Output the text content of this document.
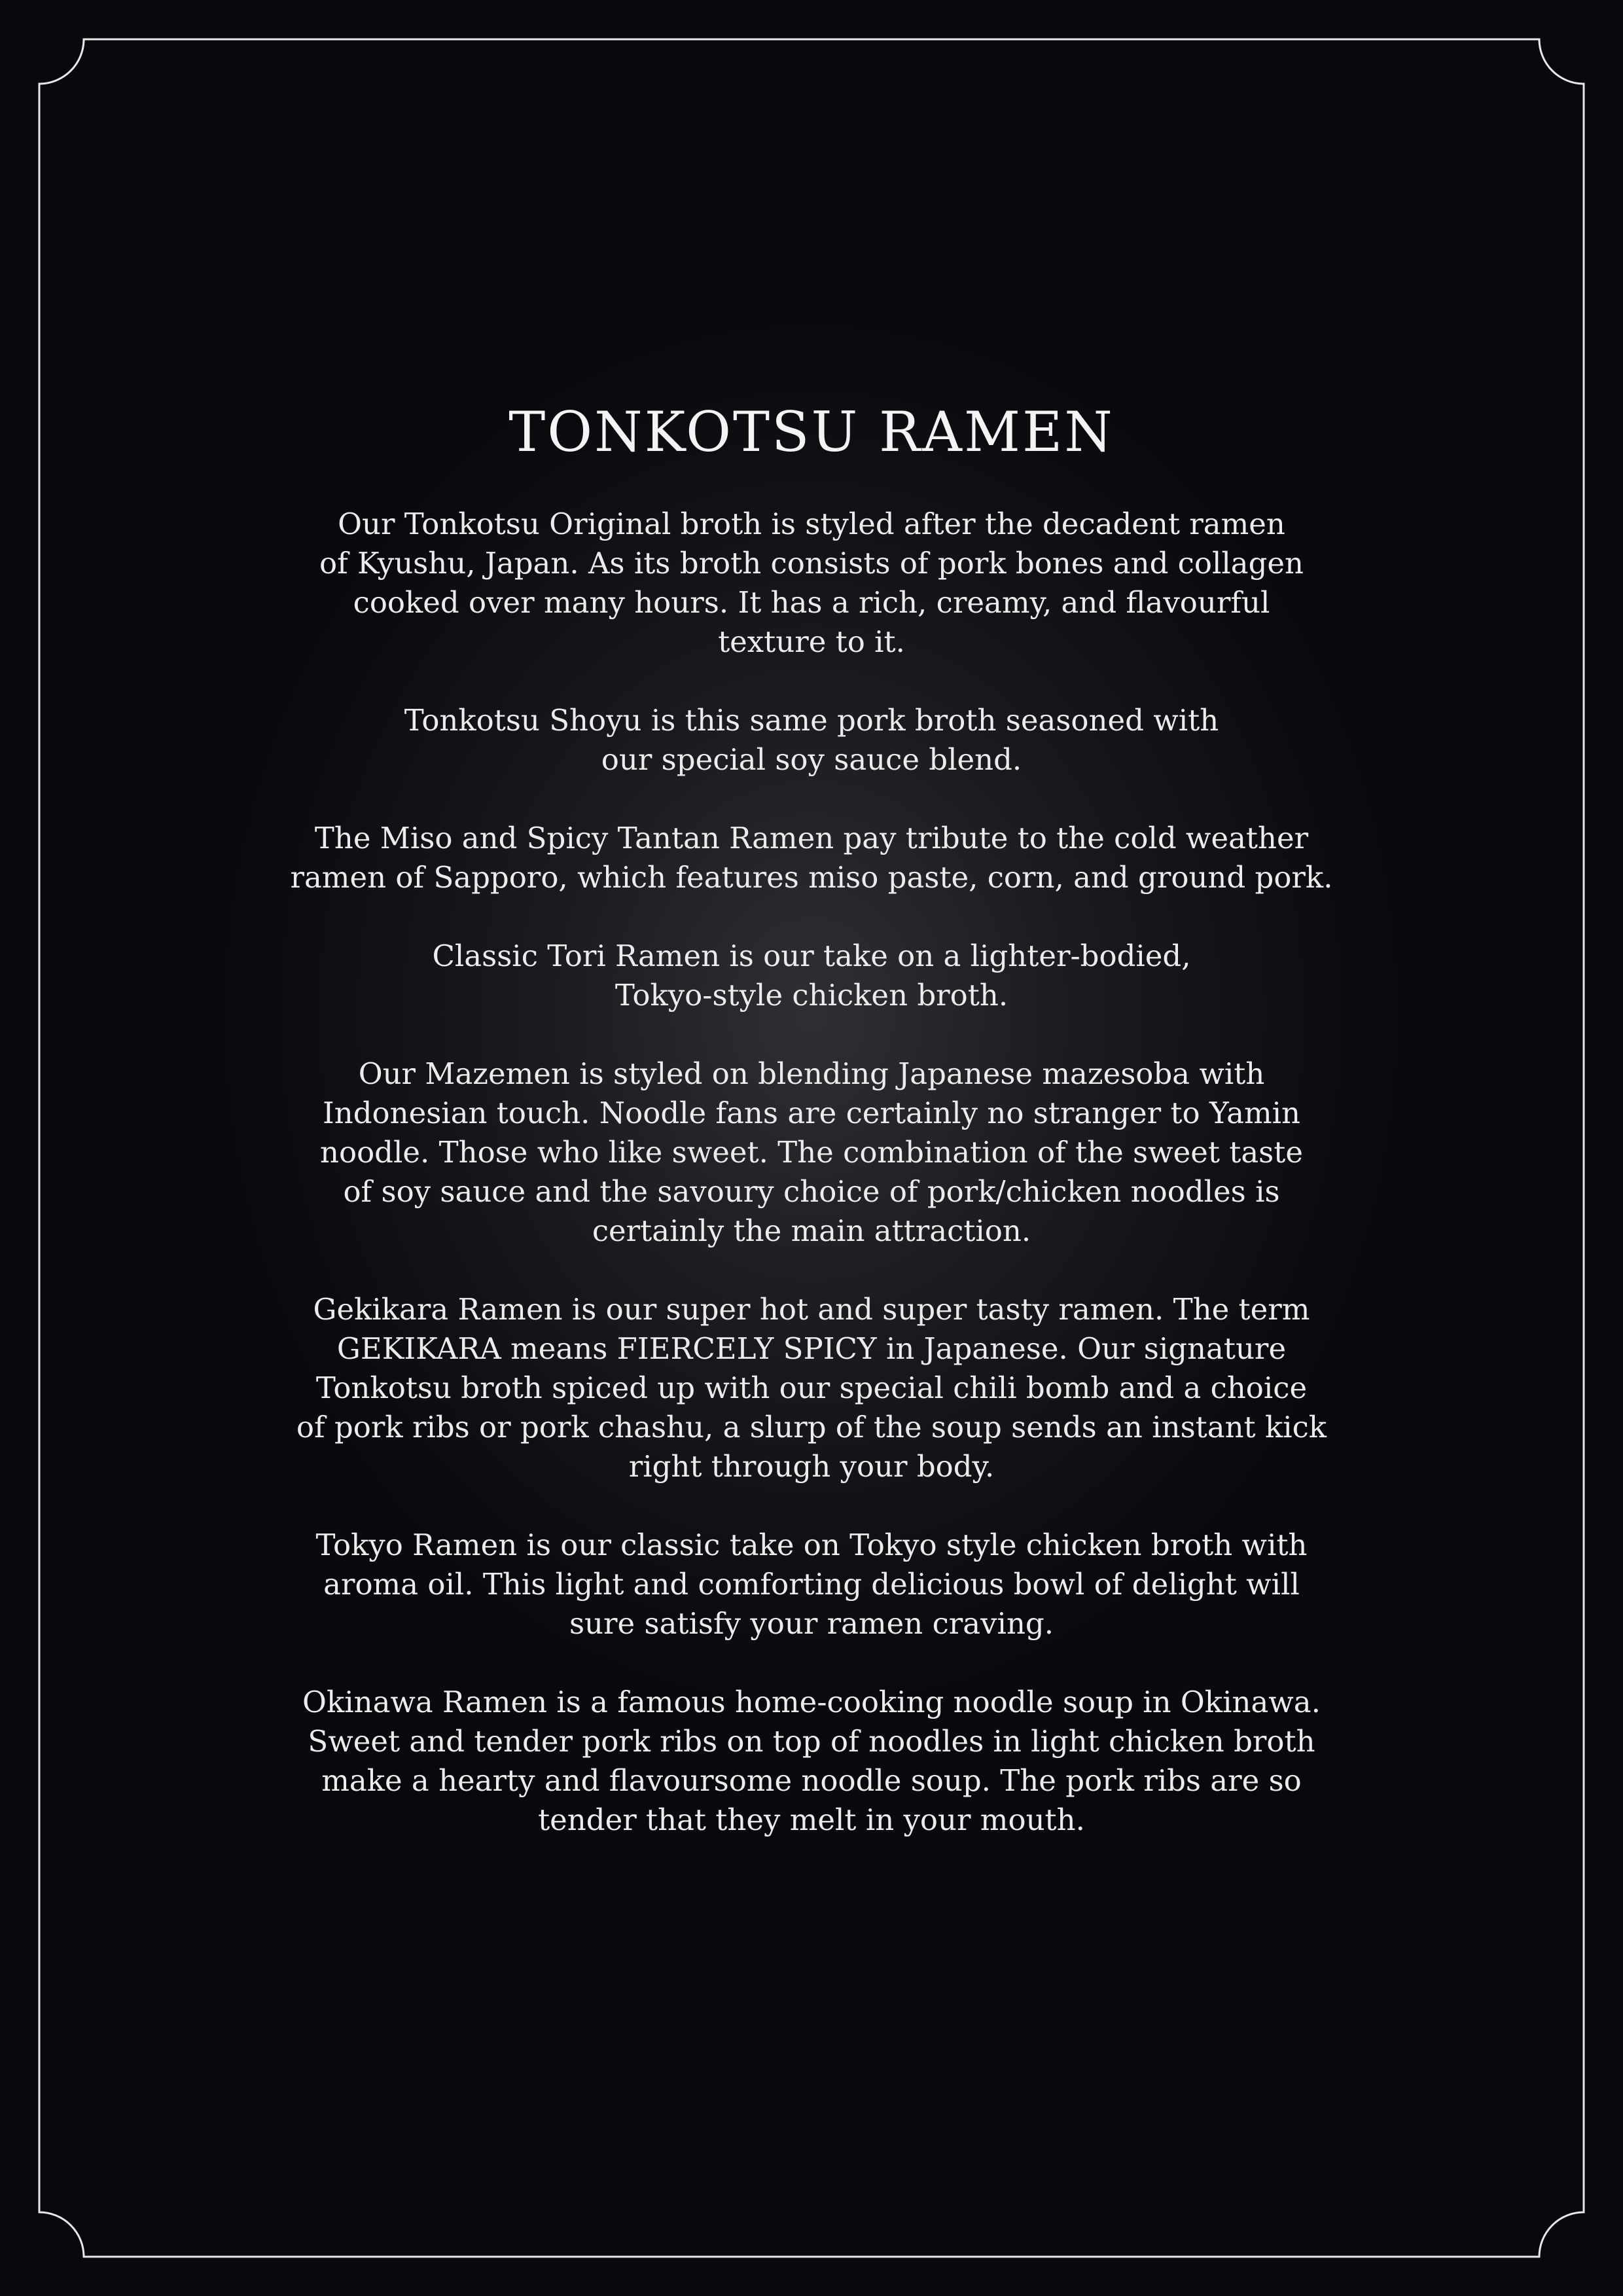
TONKOTSU RAMEN
Our Tonkotsu Original broth is styled after the decadent ramen
of Kyushu, Japan. As its broth consists of pork bones and collagen
cooked over many hours. It has a rich, creamy, and flavourful
texture to it.
Tonkotsu Shoyu is this same pork broth seasoned with
our special soy sauce blend.
The Miso and Spicy Tantan Ramen pay tribute to the cold weather
ramen of Sapporo, which features miso paste, corn, and ground pork.
Classic Tori Ramen is our take on a lighter-bodied,
Tokyo-style chicken broth.
Our Mazemen is styled on blending Japanese mazesoba with
Indonesian touch. Noodle fans are certainly no stranger to Yamin
noodle. Those who like sweet. The combination of the sweet taste
of soy sauce and the savoury choice of pork/chicken noodles is
certainly the main attraction.
Gekikara Ramen is our super hot and super tasty ramen. The term
GEKIKARA means FIERCELY SPICY in Japanese. Our signature
Tonkotsu broth spiced up with our special chili bomb and a choice
of pork ribs or pork chashu, a slurp of the soup sends an instant kick
right through your body.
Tokyo Ramen is our classic take on Tokyo style chicken broth with
aroma oil. This light and comforting delicious bowl of delight will
sure satisfy your ramen craving.
Okinawa Ramen is a famous home-cooking noodle soup in Okinawa.
Sweet and tender pork ribs on top of noodles in light chicken broth
make a hearty and flavoursome noodle soup. The pork ribs are so
tender that they melt in your mouth.
